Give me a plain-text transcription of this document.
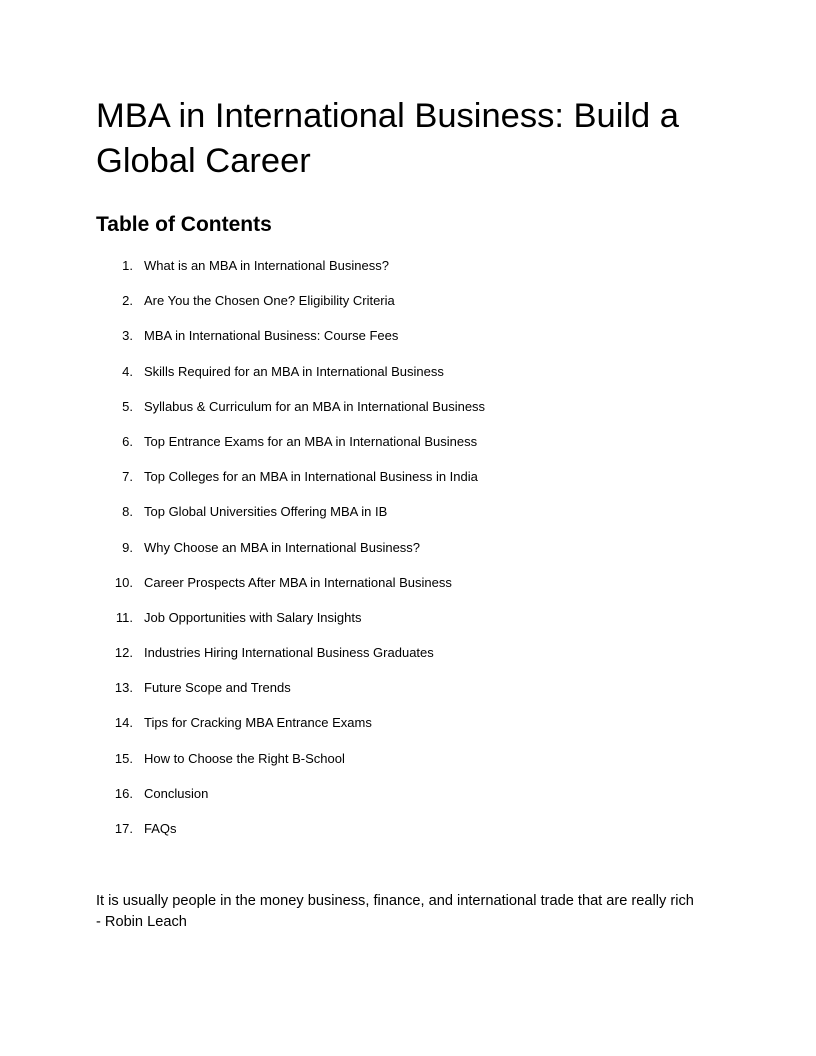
MBA in International Business: Build a Global Career
Table of Contents
1. What is an MBA in International Business?
2. Are You the Chosen One? Eligibility Criteria
3. MBA in International Business: Course Fees
4. Skills Required for an MBA in International Business
5. Syllabus & Curriculum for an MBA in International Business
6. Top Entrance Exams for an MBA in International Business
7. Top Colleges for an MBA in International Business in India
8. Top Global Universities Offering MBA in IB
9. Why Choose an MBA in International Business?
10. Career Prospects After MBA in International Business
11. Job Opportunities with Salary Insights
12. Industries Hiring International Business Graduates
13. Future Scope and Trends
14. Tips for Cracking MBA Entrance Exams
15. How to Choose the Right B-School
16. Conclusion
17. FAQs

It is usually people in the money business, finance, and international trade that are really rich
- Robin Leach
